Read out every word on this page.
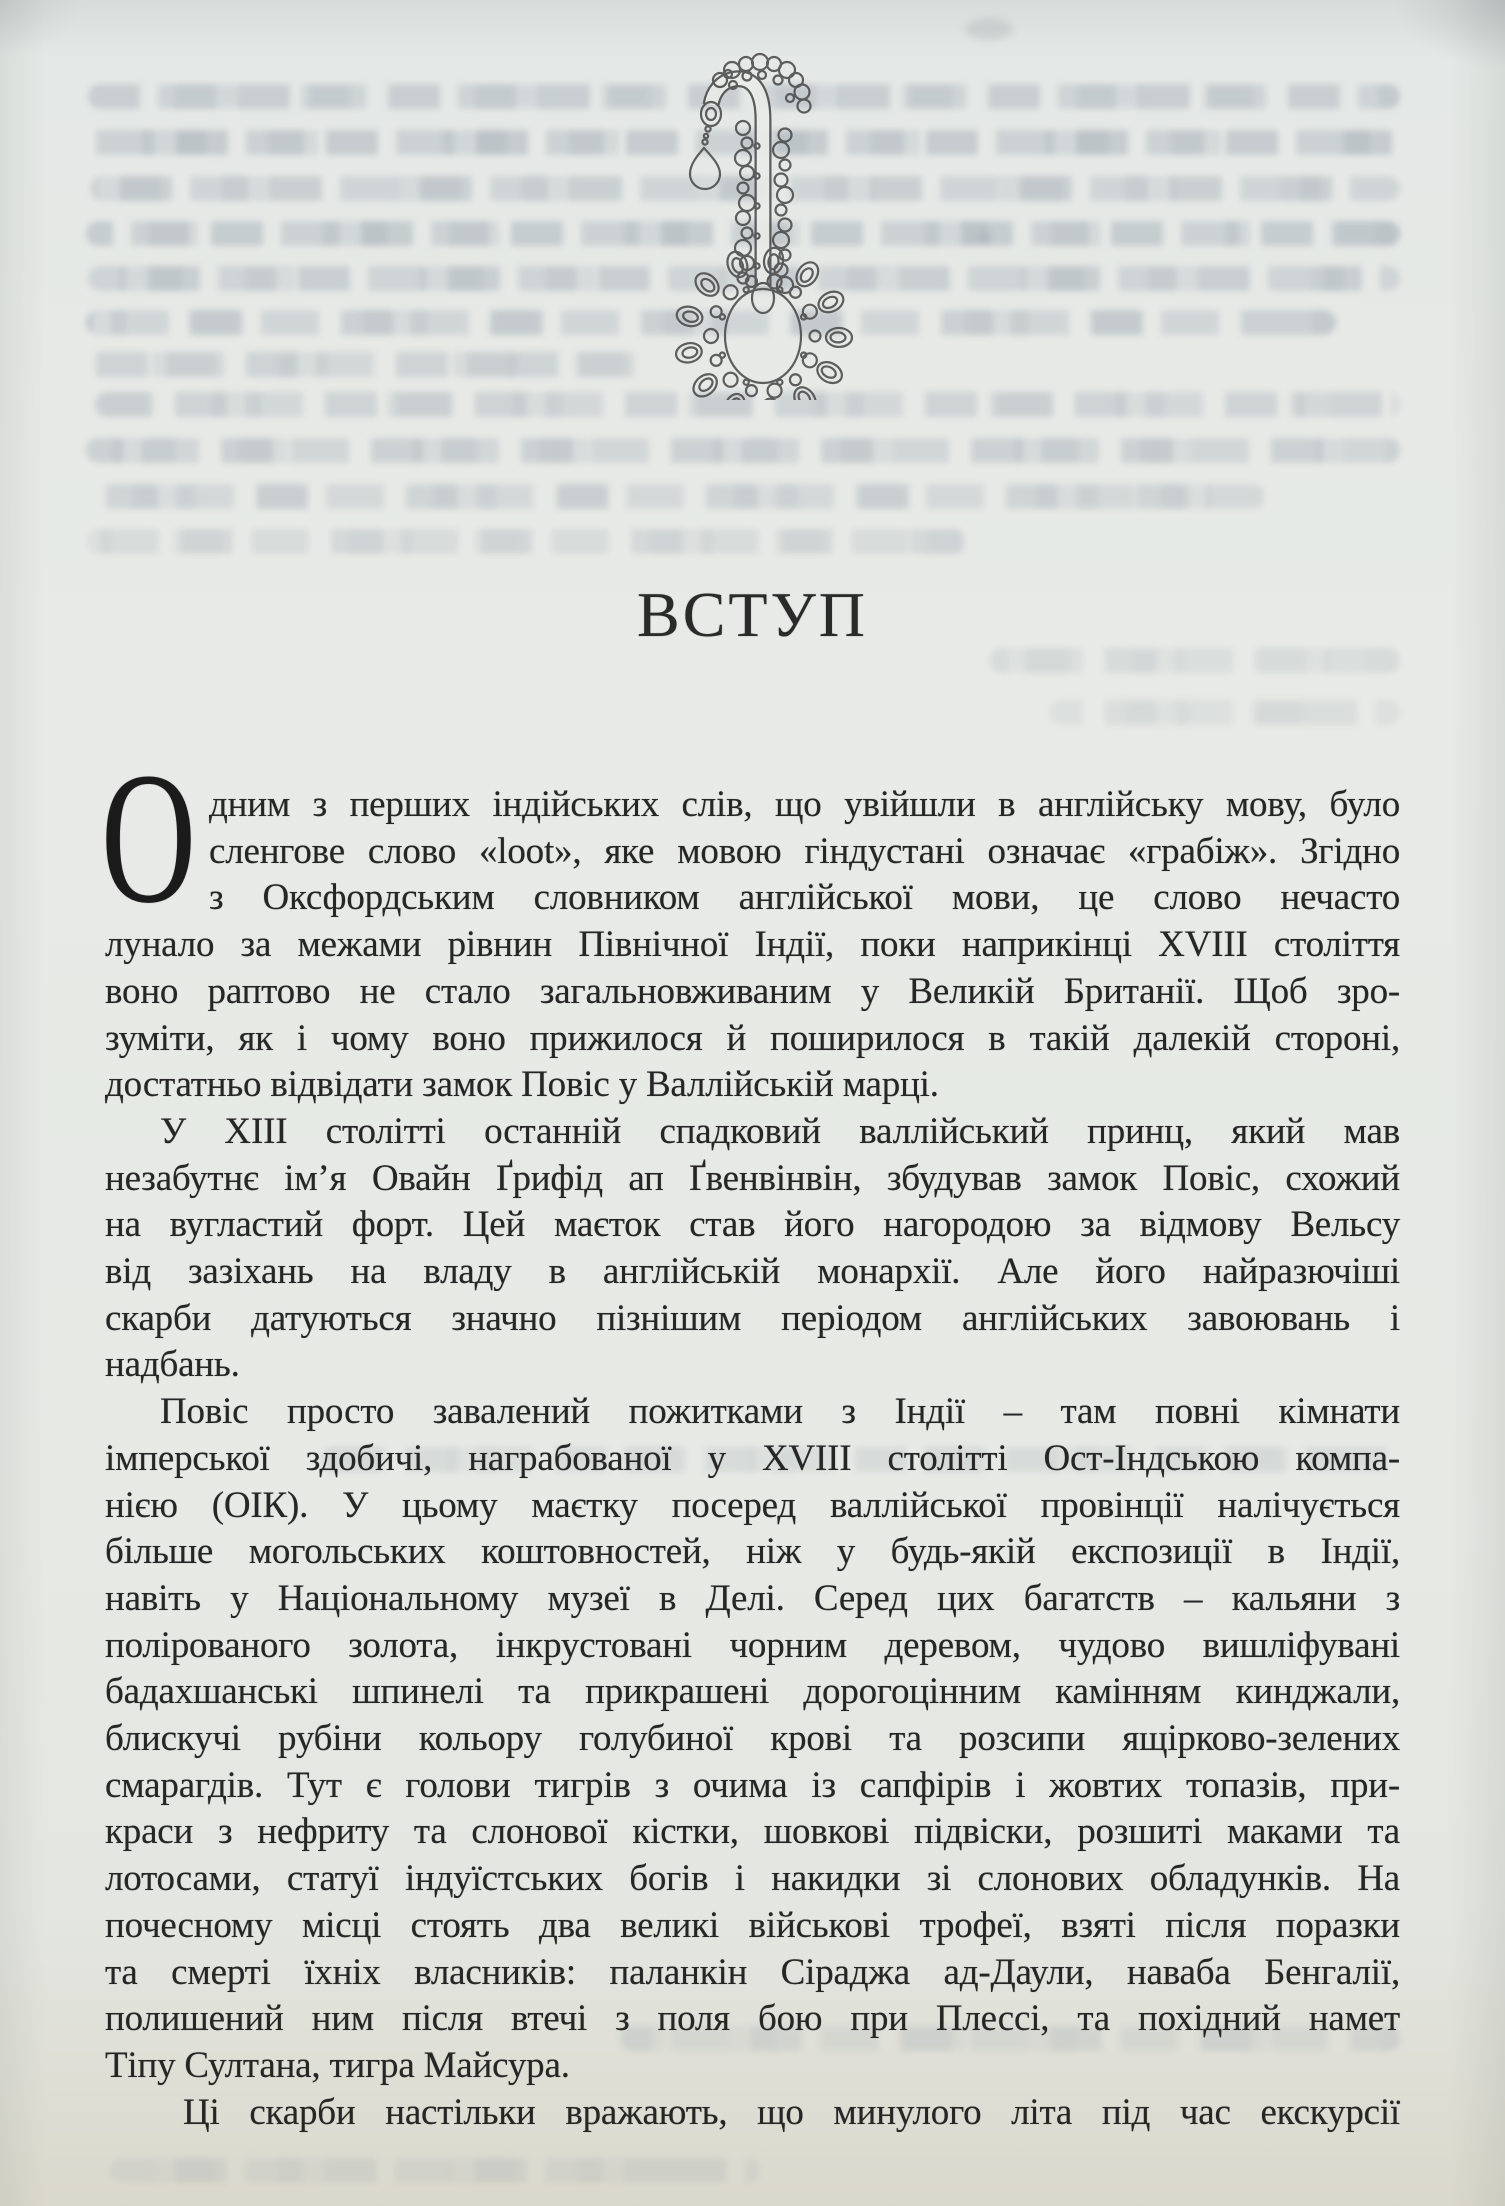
ВСТУП
О дним з перших індійських слів, що увійшли в англійську мову, було
сленгове слово «loot», яке мовою гіндустані означає «грабіж». Згідно
з Оксфордським словником англійської мови, це слово нечасто
лунало за межами рівнин Північної Індії, поки наприкінці XVIII століття
воно раптово не стало загальновживаним у Великій Британії. Щоб зро-
зуміти, як і чому воно прижилося й поширилося в такій далекій стороні,
достатньо відвідати замок Повіс у Валлійській марці.
У XIII столітті останній спадковий валлійський принц, який мав
незабутнє ім’я Овайн Ґрифід ап Ґвенвінвін, збудував замок Повіс, схожий
на вугластий форт. Цей маєток став його нагородою за відмову Вельсу
від зазіхань на владу в англійській монархії. Але його найразючіші
скарби датуються значно пізнішим періодом англійських завоювань і
надбань.
Повіс просто завалений пожитками з Індії – там повні кімнати
імперської здобичі, награбованої у XVIII столітті Ост-Індською компа-
нією (ОІК). У цьому маєтку посеред валлійської провінції налічується
більше могольських коштовностей, ніж у будь-якій експозиції в Індії,
навіть у Національному музеї в Делі. Серед цих багатств – кальяни з
полірованого золота, інкрустовані чорним деревом, чудово вишліфувані
бадахшанські шпинелі та прикрашені дорогоцінним камінням кинджали,
блискучі рубіни кольору голубиної крові та розсипи ящірково-зелених
смарагдів. Тут є голови тигрів з очима із сапфірів і жовтих топазів, при-
краси з нефриту та слонової кістки, шовкові підвіски, розшиті маками та
лотосами, статуї індуїстських богів і накидки зі слонових обладунків. На
почесному місці стоять два великі військові трофеї, взяті після поразки
та смерті їхніх власників: паланкін Сіраджа ад-Даули, наваба Бенгалії,
полишений ним після втечі з поля бою при Плессі, та похідний намет
Тіпу Султана, тигра Майсура.
Ці скарби настільки вражають, що минулого літа під час екскурсії
